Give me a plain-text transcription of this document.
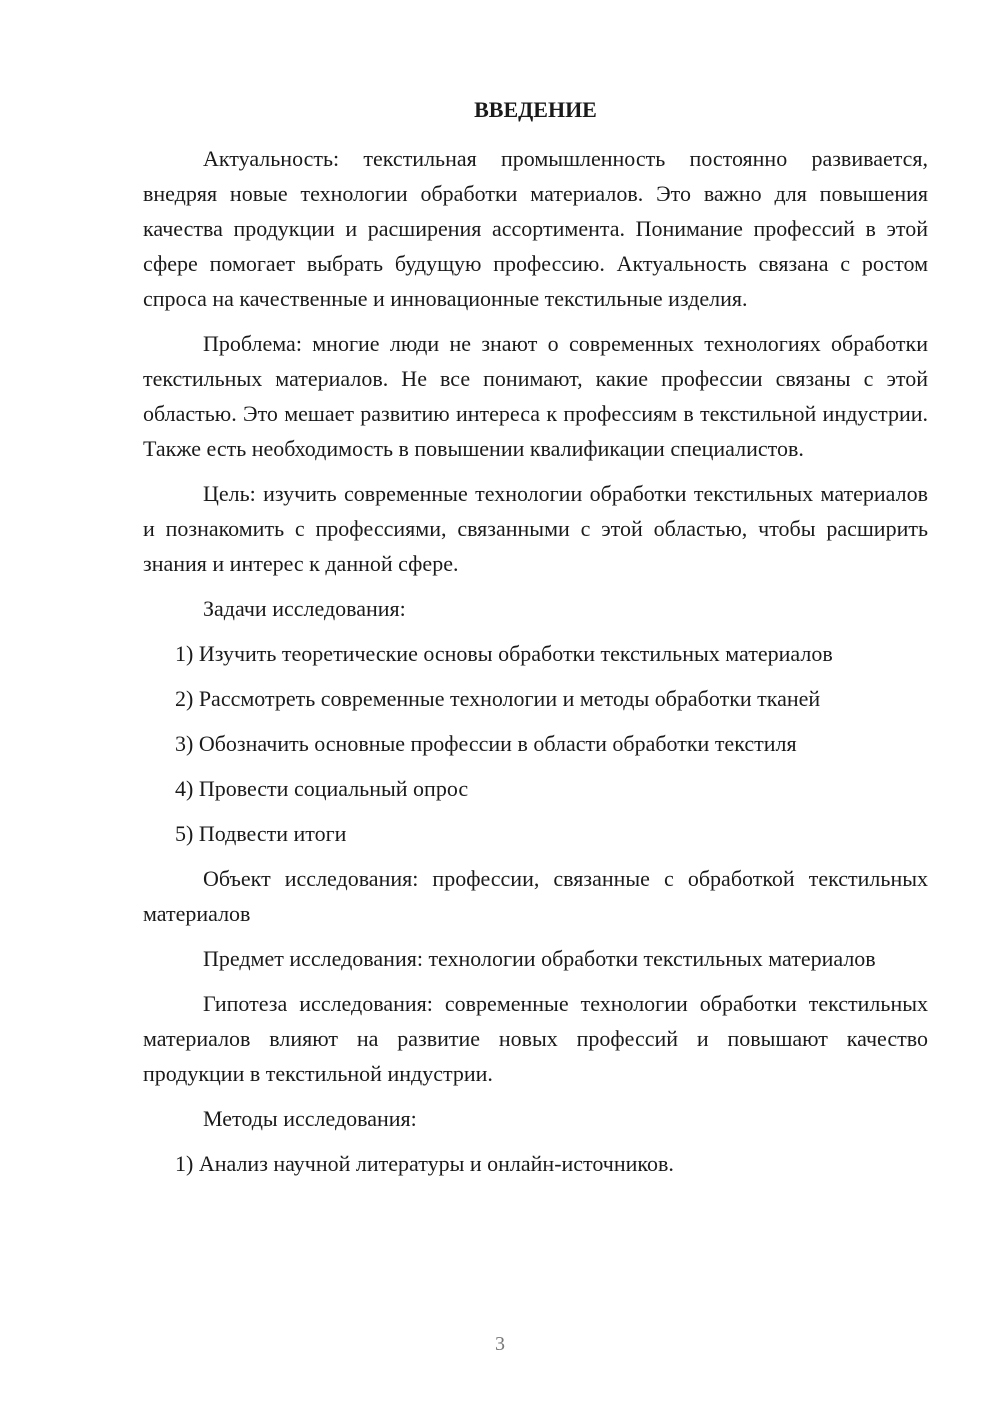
ВВЕДЕНИЕ

Актуальность: текстильная промышленность постоянно развивается, внедряя новые технологии обработки материалов. Это важно для повышения качества продукции и расширения ассортимента. Понимание профессий в этой сфере помогает выбрать будущую профессию. Актуальность связана с ростом спроса на качественные и инновационные текстильные изделия.

Проблема: многие люди не знают о современных технологиях обработки текстильных материалов. Не все понимают, какие профессии связаны с этой областью. Это мешает развитию интереса к профессиям в текстильной индустрии. Также есть необходимость в повышении квалификации специалистов.

Цель: изучить современные технологии обработки текстильных материалов и познакомить с профессиями, связанными с этой областью, чтобы расширить знания и интерес к данной сфере.

Задачи исследования:

1) Изучить теоретические основы обработки текстильных материалов
2) Рассмотреть современные технологии и методы обработки тканей
3) Обозначить основные профессии в области обработки текстиля
4) Провести социальный опрос
5) Подвести итоги

Объект исследования: профессии, связанные с обработкой текстильных материалов

Предмет исследования: технологии обработки текстильных материалов

Гипотеза исследования: современные технологии обработки текстильных материалов влияют на развитие новых профессий и повышают качество продукции в текстильной индустрии.

Методы исследования:

1) Анализ научной литературы и онлайн-источников.
3
